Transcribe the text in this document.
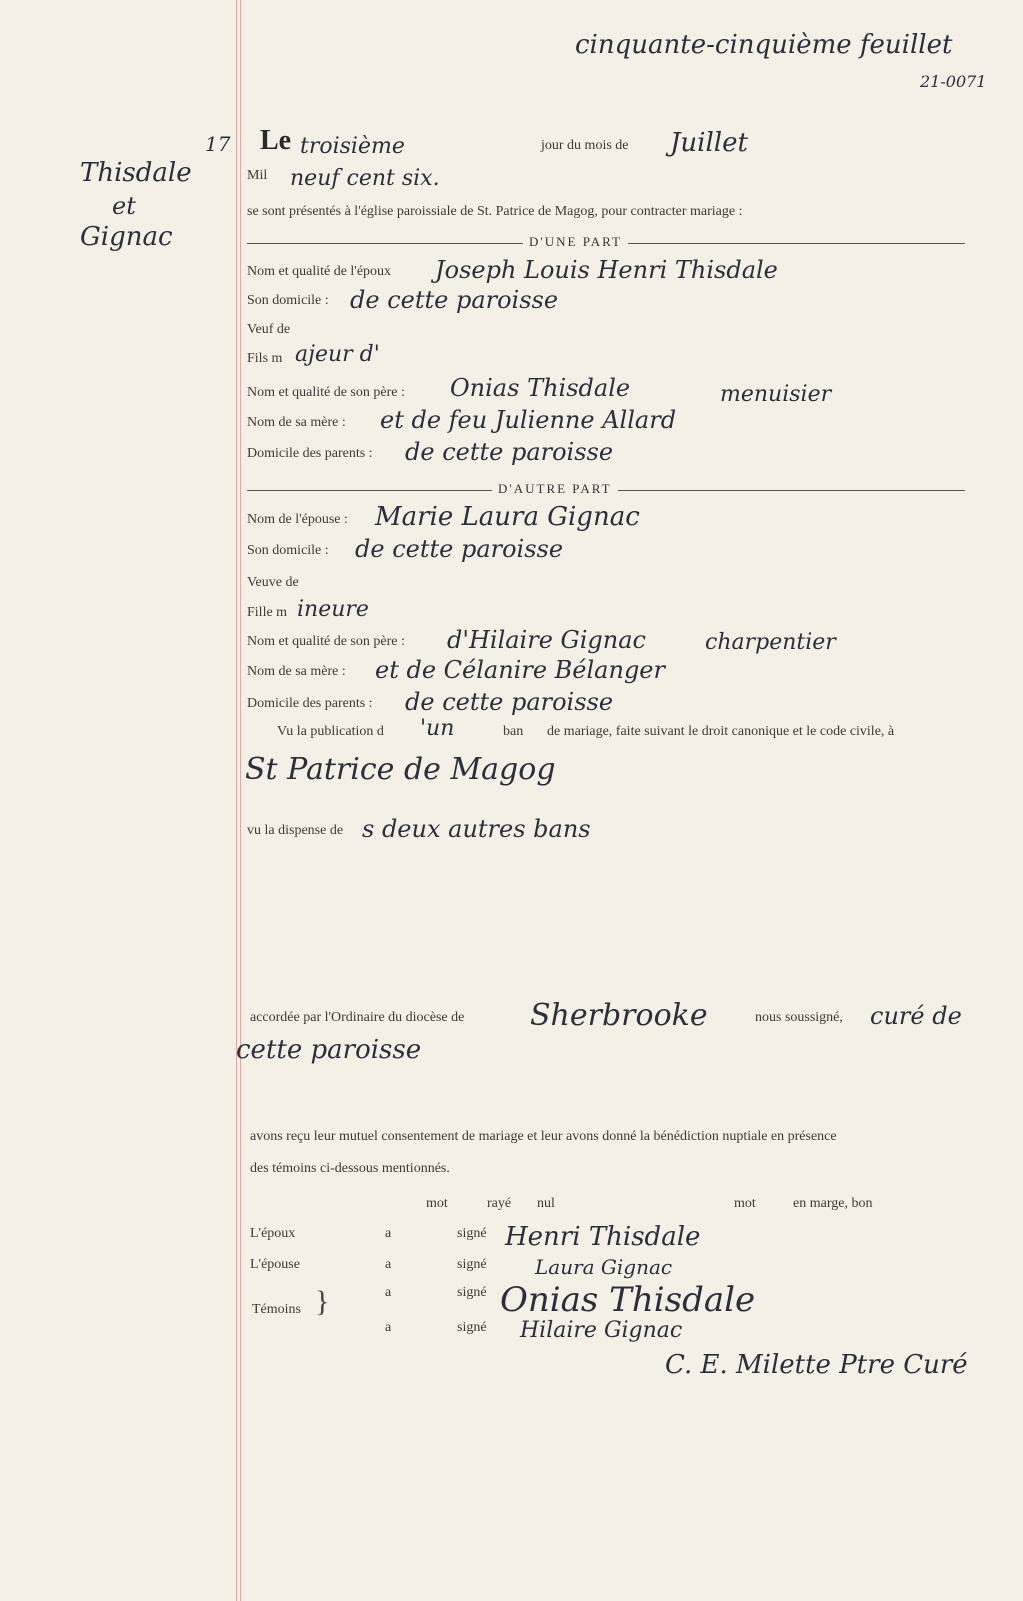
cinquante-cinquième feuillet
21-0071
17
Thisdale
et
Gignac
Le troisième	jour du mois de Juillet
Mil neuf cent six.
se sont présentés à l'église paroissiale de St. Patrice de Magog, pour contracter mariage :
D'UNE PART
Nom et qualité de l'époux Joseph Louis Henri Thisdale
Son domicile : de cette paroisse
Veuf de
Fils m ajeur d'
Nom et qualité de son père : Onias Thisdale	menuisier
Nom de sa mère : et de feu Julienne Allard
Domicile des parents : de cette paroisse
D'AUTRE PART
Nom de l'épouse : Marie Laura Gignac
Son domicile : de cette paroisse
Veuve de
Fille m ineure
Nom et qualité de son père : d'Hilaire Gignac	charpentier
Nom de sa mère : et de Célanire Bélanger
Domicile des parents : de cette paroisse
Vu la publication d 'un	ban de mariage, faite suivant le droit canonique et le code civile, à
St Patrice de Magog
vu la dispense de s deux autres bans
accordée par l'Ordinaire du diocèse de Sherbrooke	nous soussigné, curé de
cette paroisse
avons reçu leur mutuel consentement de mariage et leur avons donné la bénédiction nuptiale en présence
des témoins ci-dessous mentionnés.
mot	rayé nul	mot	en marge, bon
L'époux	a	signé Henri Thisdale
L'épouse	a	signé Laura Gignac
Témoins }	a	signé Onias Thisdale
a	signé Hilaire Gignac
C. E. Milette Ptre Curé
